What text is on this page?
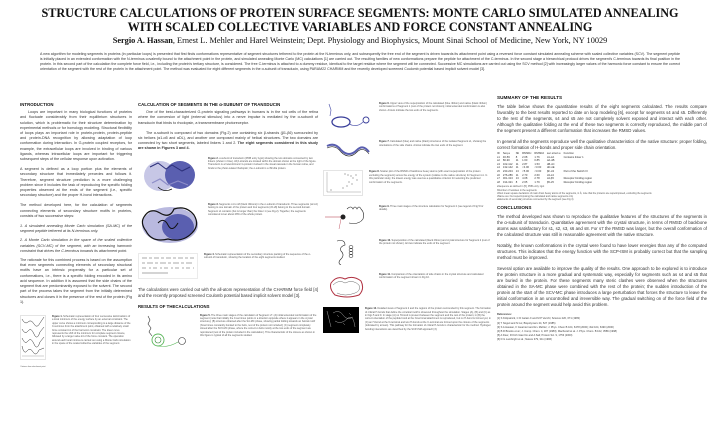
STRUCTURE CALCULATIONS OF PROTEIN SURFACE SEGMENTS: MONTE CARLO SIMULATED ANNEALING
WITH SCALED COLLECTIVE VARIABLES AND FORCE CONSTANT ANNEALING
Sergio A. Hassan, Ernest L. Mehler and Harel Weinstein; Dept. Physiology and Biophysics, Mount Sinai School of Medicine, New York, NY 10029
A new algorithm for modeling segments in proteins (in particular loops) is presented that first finds conformations representative of segment structures tethered to the protein at the N-terminus only, and subsequently the free end of the segment is driven towards its attachment point using a reversed force constant simulated annealing scheme with scaled collective variables (SCV). The segment peptide is initially placed in an extended conformation with the N-terminus covalently bound to the attachment point in the protein, and simulated annealing Monte Carlo (MC) calculations [1] are carried out. The resulting families of new conformations prepare the peptide for attachment of the C-terminus. In the second stage a hierarchical protocol drives the segment's C-terminus towards its final position in the protein. In this second part of the calculation the complete force field, i.e., including the protein's tertiary structure, is considered. The free C-terminus is attached to a dummy residue, identical to the target residue where the segment will be connected. Successive MC simulations are carried out using the SCV method [2] with increasingly larger values of the harmonic force constant to ensure the correct orientation of the segment with the rest of the protein in the attachment point. The method was evaluated for eight different segments in the α-subunit of transducin, using PARAM22 CHARMM and the recently developed screened Coulomb potential based implicit solvent model [3].
INTRODUCTION

Loops are important in many biological functions of proteins and fluctuate considerably from their equilibrium structures in solution, which is problematic for their structure determination by experimental methods or for homology modeling. Structural flexibility of loops plays an important role in protein-protein, protein-peptide and protein-DNA recognition by allowing adaptation of loop conformation during interaction. In G-protein coupled receptors, for example, the extracellular loops are involved in binding of various ligands, whereas intracellular loops are important for triggering subsequent steps of the cellular response upon activation.

A segment is defined as a loop portion plus the elements of secondary structure that immediately precedes and follows it. Therefore, segment structure prediction is a more challenging problem since it includes the task of reproducing the specific folding properties observed at the ends of the segment (i.e., specific secondary structure) and the proper H-bond interactions.

The method developed here, for the calculation of segments connecting elements of secondary structure motifs in proteins, consists of two successive steps:

1. A simulated annealing Monte Carlo simulation (SA-MC) of the segment peptide tethered at its N-terminus only.
2. A Monte Carlo simulation in the space of the scaled collective variables (SCV-MC) of the segment, with an increasing harmonic constraint that drives the C-terminus towards its attachment point.

The rationale for this combined process is based on the assumption that even segments connecting elements of secondary structural motifs have an intrinsic propensity for a particular set of conformations, i.e., there is a specific folding encoded in its amino acid sequence. In addition it is assumed that the side chains of the segment that are predominantly exposed to the solvent. The second part of the process takes the segment from the initially determined structures and closes it in the presence of the rest of the protein (Fig 1).

Distance from attachment point
Figure 1. Schematic representation of four successive deformations of a local minimum of the energy surface by an external constraint. The upper curve shows a minimum corresponding to a large distance of the C-terminus from the attachment point, obtained with a relatively small force constant k1 of the harmonic constraint. The lower curve represents the shift of the minimum for complete segment closure, followed by a larger value k4 of the force constant. The operation around each local minima is carried out using a Monte Carlo simulation in the space of the scaled collective variables of the segment.
CALCULATION OF SEGMENTS IN THE α-SUBUNIT OF TRANSDUCIN

One of the best-characterized G-protein signaling pathways in humans is in the rod cells of the retina where the conversion of light (external stimulus) into a nerve impulse is mediated by the α-subunit of transducin that binds to rhodopsin, a transmembrane photoreceptor.

The α-subunit is composed of two domains (Fig.2) one containing six β-strands (β1-β6) surrounded by six helices (α1-α5 and αDL), and another one composed mainly of helical structures. The two domains are connected by two short segments, labeled linkers 1 and 2. The eight segments considered in this study are shown in Figures 3 and 4.

Figure 2. α-subunit of transducin (PDB entry 1got) showing the two domains connected by two linkers (shown in blue). All β-strands are located within the domain shown at the right of the figure. Transducin is a heterotrimeric G-protein involved in the visual cascade in the human retina, and binds to the photo-related rhodopsin; the α-subunit is a 39 kDa protein.
Figure 3. Segments s1 to s8 (black ribbons) in the α-subunit of transducin. Three segments (s2-s4) belong to one domain of the protein and four segments (s5-s8) belong to the second domain. Segment s1 contains (but is longer than) the linker 1 (see Fig.2). Together, the segments considered cover about 28% of the whole protein.
Figure 4. Schematic representation of the secondary structure packing of the sequence of the α-subunit of transducin, showing the location of the eight segments studied.

The calculations were carried out with the all-atom representation of the CHARMM force field [4] and the recently proposed screened Coulomb potential based implicit solvent model [3].

RESULTS OF THECALCULATIONS
Figure 5. The three main stages of the calculation of Segment s7: (A) initial extended conformation of the segment (note that initially the C-terminus points in a direction opposite where it appears in the crystal structure); (B) structure obtained after the SA-MC phase, showing partial folding towards an helical motif (N-terminus constantly bonded to the helix, rest of the protein not included); (C) segment completely closed after the SCV-MC phase, where the correct α-helix mostly at the two ends of the segment are reproduced (rest of the protein included in the calculation). This characteristic of the closure as shown in this figure is typical of all the segments studied.
Figure 6. Upper view of the superposition of the calculated (blue ribbon) and native (black ribbon) conformations of Segment 1 (rest of the protein not shown); initial extended conformation is also shown. Arrows indicate the two ends of the segments.
Figure 7. Calculated (blue) and native (black) structures of the isolated Segment s1, showing the orientations of the side chains. Arrows indicate the two ends of the segment.
Figure 8. Scatter plot of the RMSD of backbone heavy atoms (with exact superposition of the protein excluding the segment) versus the energy of the system (relative to the native structure) for Segment s1. In this particular study, the lowest energy was used as a quantitative criterion for selecting the predicted conformation of the segments.
Figure 9. Three main stages of the structure calculation for Segment 2 (see legend of Fig 5 for details).
Figure 10. Superposition of the calculated (black ribbon) and crystal structure for Segment 2 (rest of the protein not shown). Arrows indicate the ends of the segment.
Figure 11. Comparison of the orientations of side chains in the crystal structure and calculated conformation of the segment shown in Fig 10.
Figure 12. Detailed views of Segment 2 and the regions of the protein surrounded by this segment. The formation of critical H-bonds that define the α-helical motif is observed throughout the simulation. Stages (A), (B) and (C) as in Figs 5 and 9. In stage (A) no H-bond is present between the segment and the rest of the protein; in (B) the correct orientation of the peptide bond at the N-terminal attachment is reproduced, but no H-bond is formed yet; in (C) an H-bond at the N-terminal and two H-bonds at the C-terminal are formed upon the closure of the segments (indicated by arrows). This pathway for the formation of critical H-bonds is characteristic for the method. Hydrogen bonding interactions are described by the SCP-ISM approach [3].
SUMMARY OF THE RESULTS

The table below shows the quantitative results of the eight segments calculated. The results compare favorably to the best results reported to date on loop modeling [6], except for segments s4 and s5. Differently to the rest of the segments, s4 and s5 are not completely solvent exposed and interact with each other. Although the qualitative folding at the end of these two segments is correctly reproduced, the middle part of the segment present a different conformation that increases the RMSD values.

In general all the segments reproduce well the qualitative characteristics of the native structure: proper folding, correct formation of H-bonds and proper side chain orientation.

ID	Seq.a	Nb	RMSDc	RMSDd	sec.struct.e	Function
s1	46-59	8	2.08	1.76	α1-αA	Contains linker 1
s2	80-90	11	1.60	0.85	αA-αB	
s3	102-112	11	2.87	1.53	αB-αC	
s4	132-142	11	<4.00	<3.00	αD-αE	
s5	233-204	13	<5.00	<3.00	βF-α3	Part of the Switch III
s6	276-286	11	2.70	2.60	α3-α4	
s7	301-313	13	4.08	2.78	α4-β5	Receptor binding region
s8	314-321	8	2.65	1.79	β5-α5	Receptor binding region
aSequence as defined in [5], PDB entry 1got
bNumber of residues in the segments
cRoot mean square deviations of main chain heavy atoms of the segments, in Å; note that the proteins are superimposed, excluding the segments
dSame as c but superimposing the calculated and native segments only
eElements of secondary structure connected by the segment (see Fig 4)
CONCLUSIONS

The method developed was shown to reproduce the qualitative features of the structures of the segments in the α-subunit of transducin. Quantitative agreement with the crystal structure, in terms of RMSD of backbone atoms was satisfactory for s1, s2, s3, s6 and s8. For s7 the RMSD was larger, but the overall conformation of the calculated structure was still in reasonable agreement with the native structure.

Notably, the known conformations in the crystal were found to have lower energies than any of the computed structures. This indicates that the energy function with the SCP-ISM is probably correct but that the sampling method must be improved.

Several option are available to improve the quality of the results. One approach to be explored is to introduce the protein structure in a more gradual and systematic way, especially for segments such as s4 and s5 that are buried in the protein. For these segments many steric clashes were observed when the structures obtained in the SA-MC phase were combined with the rest of the protein; the sudden introduction of the protein at the start of the SCV-MC phase introduces a large perturbation that forces the structure to leave the initial conformation in an uncontrolled and irreversible way. The gradual switching on of the force field of the protein around the segment would help avoid this problem.

References:
[1] S Kirkpatrick, C D Gelatt Jr and M P Vecchi; Science 220, 671 (1983)
[2] T Noguti and N Go; Biopolymers 24, 527 (1985)
[3] S A Hassan, F Guarnieri and E L Mehler; J. Phys. Chem B 104, 6478 (2000); ibid 104, 6490 (2000)
[4] B R Brooks et al.; J. Comp. Chem. 4, 187 (1983); MacKerell et al. J. Phys. Chem. B 102, 3586 (1998)
[5] A Fiser, R Kinh Gian Do and A Sali; Protein Sci. 9, 1753 (2000)
[6] D G Lambright et al.; Nature 379, 311 (1996)
